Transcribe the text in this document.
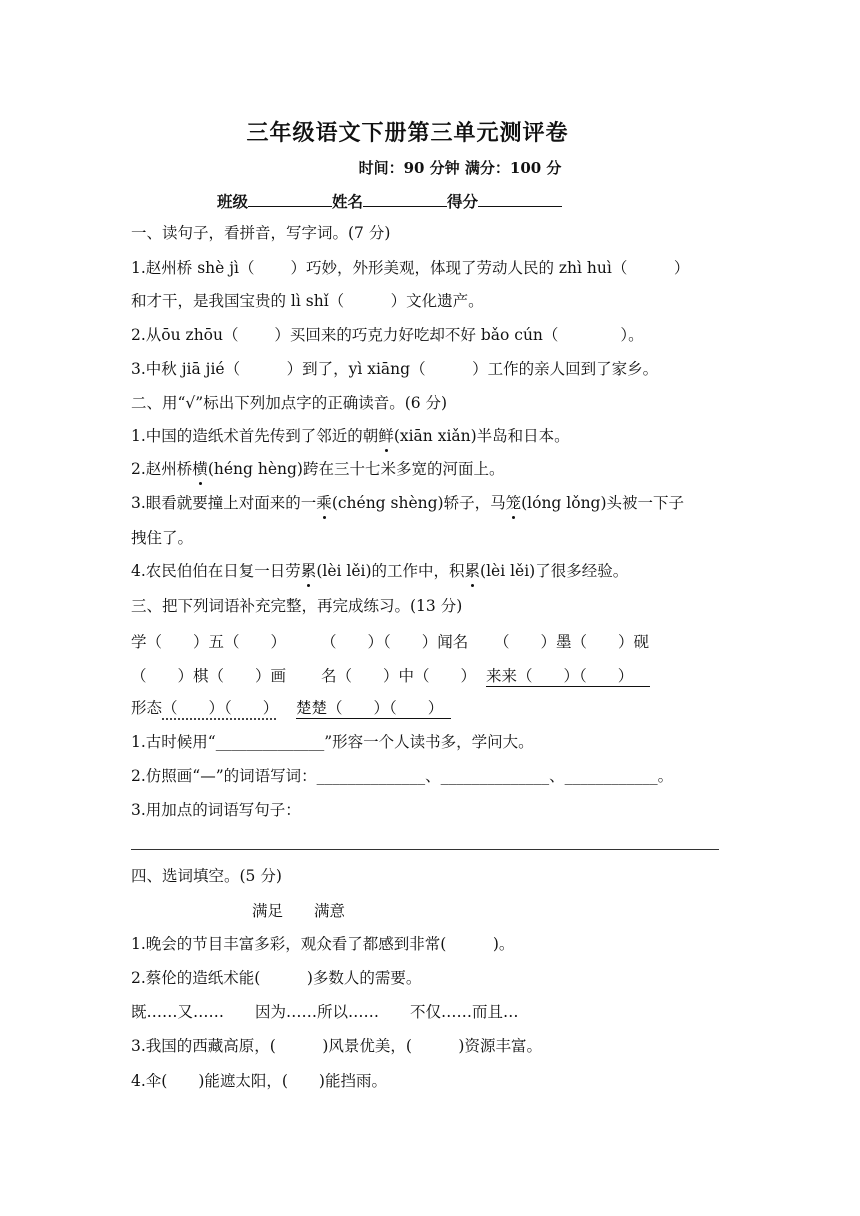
三年级语文下册第三单元测评卷
时间：90 分钟 满分：100 分
班级	姓名	得分
一、读句子，看拼音，写字词。(7 分)
1.赵州桥 shè jì（　　 ）巧妙，外形美观，体现了劳动人民的 zhì huì（　　　）
和才干，是我国宝贵的 lì shǐ（　　　）文化遗产。
2.从ōu zhōu（　　 ）买回来的巧克力好吃却不好 bǎo cún（　　　　）。
3.中秋 jiā jié（　　　）到了，yì xiāng（　　　）工作的亲人回到了家乡。
二、用“√”标出下列加点字的正确读音。(6 分)
1.中国的造纸术首先传到了邻近的朝鲜(xiān xiǎn)半岛和日本。
2.赵州桥横(héng hèng)跨在三十七米多宽的河面上。
3.眼看就要撞上对面来的一乘(chéng shèng)轿子，马笼(lóng lǒng)头被一下子
拽住了。
4.农民伯伯在日复一日劳累(lèi lěi)的工作中，积累(lèi lěi)了很多经验。
三、把下列词语补充完整，再完成练习。(13 分)
学（　　）五（　　） （　　）（　　）闻名 （　　）墨（　　）砚
（　　）棋（　　）画 名（　　）中（　　） 来来（　　）（　　）
形态（　　）（　　） 楚楚（　　）（　　）
1.古时候用“______________”形容一个人读书多，学问大。
2.仿照画“—”的词语写词：______________、______________、____________。
3.用加点的词语写句子：
四、选词填空。(5 分)
满足　　满意
1.晚会的节目丰富多彩，观众看了都感到非常(　　　)。
2.蔡伦的造纸术能(　　　)多数人的需要。
既……又……　　因为……所以……　　不仅……而且…
3.我国的西藏高原，(　　　)风景优美，(　　　)资源丰富。
4.伞(　　)能遮太阳，(　　)能挡雨。
